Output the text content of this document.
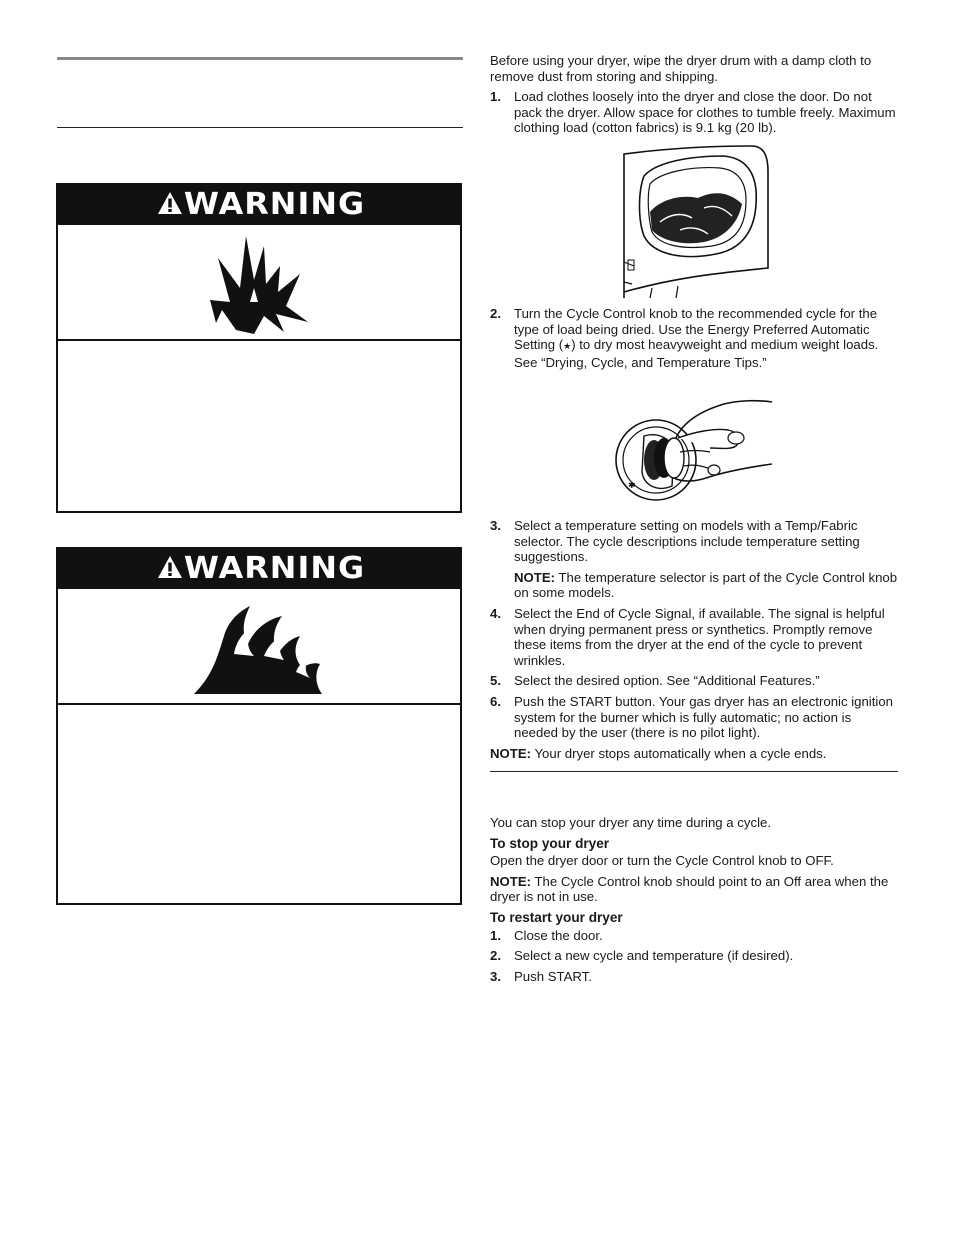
WARNING
WARNING

Before using your dryer, wipe the dryer drum with a damp cloth to remove dust from storing and shipping.

1. Load clothes loosely into the dryer and close the door. Do not pack the dryer. Allow space for clothes to tumble freely. Maximum clothing load (cotton fabrics) is 9.1 kg (20 lb).
2. Turn the Cycle Control knob to the recommended cycle for the type of load being dried. Use the Energy Preferred Automatic Setting (★) to dry most heavyweight and medium weight loads. See “Drying, Cycle, and Temperature Tips.”
✱
3. Select a temperature setting on models with a Temp/Fabric selector. The cycle descriptions include temperature setting suggestions.

NOTE: The temperature selector is part of the Cycle Control knob on some models.

4. Select the End of Cycle Signal, if available. The signal is helpful when drying permanent press or synthetics. Promptly remove these items from the dryer at the end of the cycle to prevent wrinkles.
5. Select the desired option. See “Additional Features.”
6. Push the START button. Your gas dryer has an electronic ignition system for the burner which is fully automatic; no action is needed by the user (there is no pilot light).

NOTE: Your dryer stops automatically when a cycle ends.

You can stop your dryer any time during a cycle.

To stop your dryer

Open the dryer door or turn the Cycle Control knob to OFF.

NOTE: The Cycle Control knob should point to an Off area when the dryer is not in use.

To restart your dryer

1. Close the door.
2. Select a new cycle and temperature (if desired).
3. Push START.
